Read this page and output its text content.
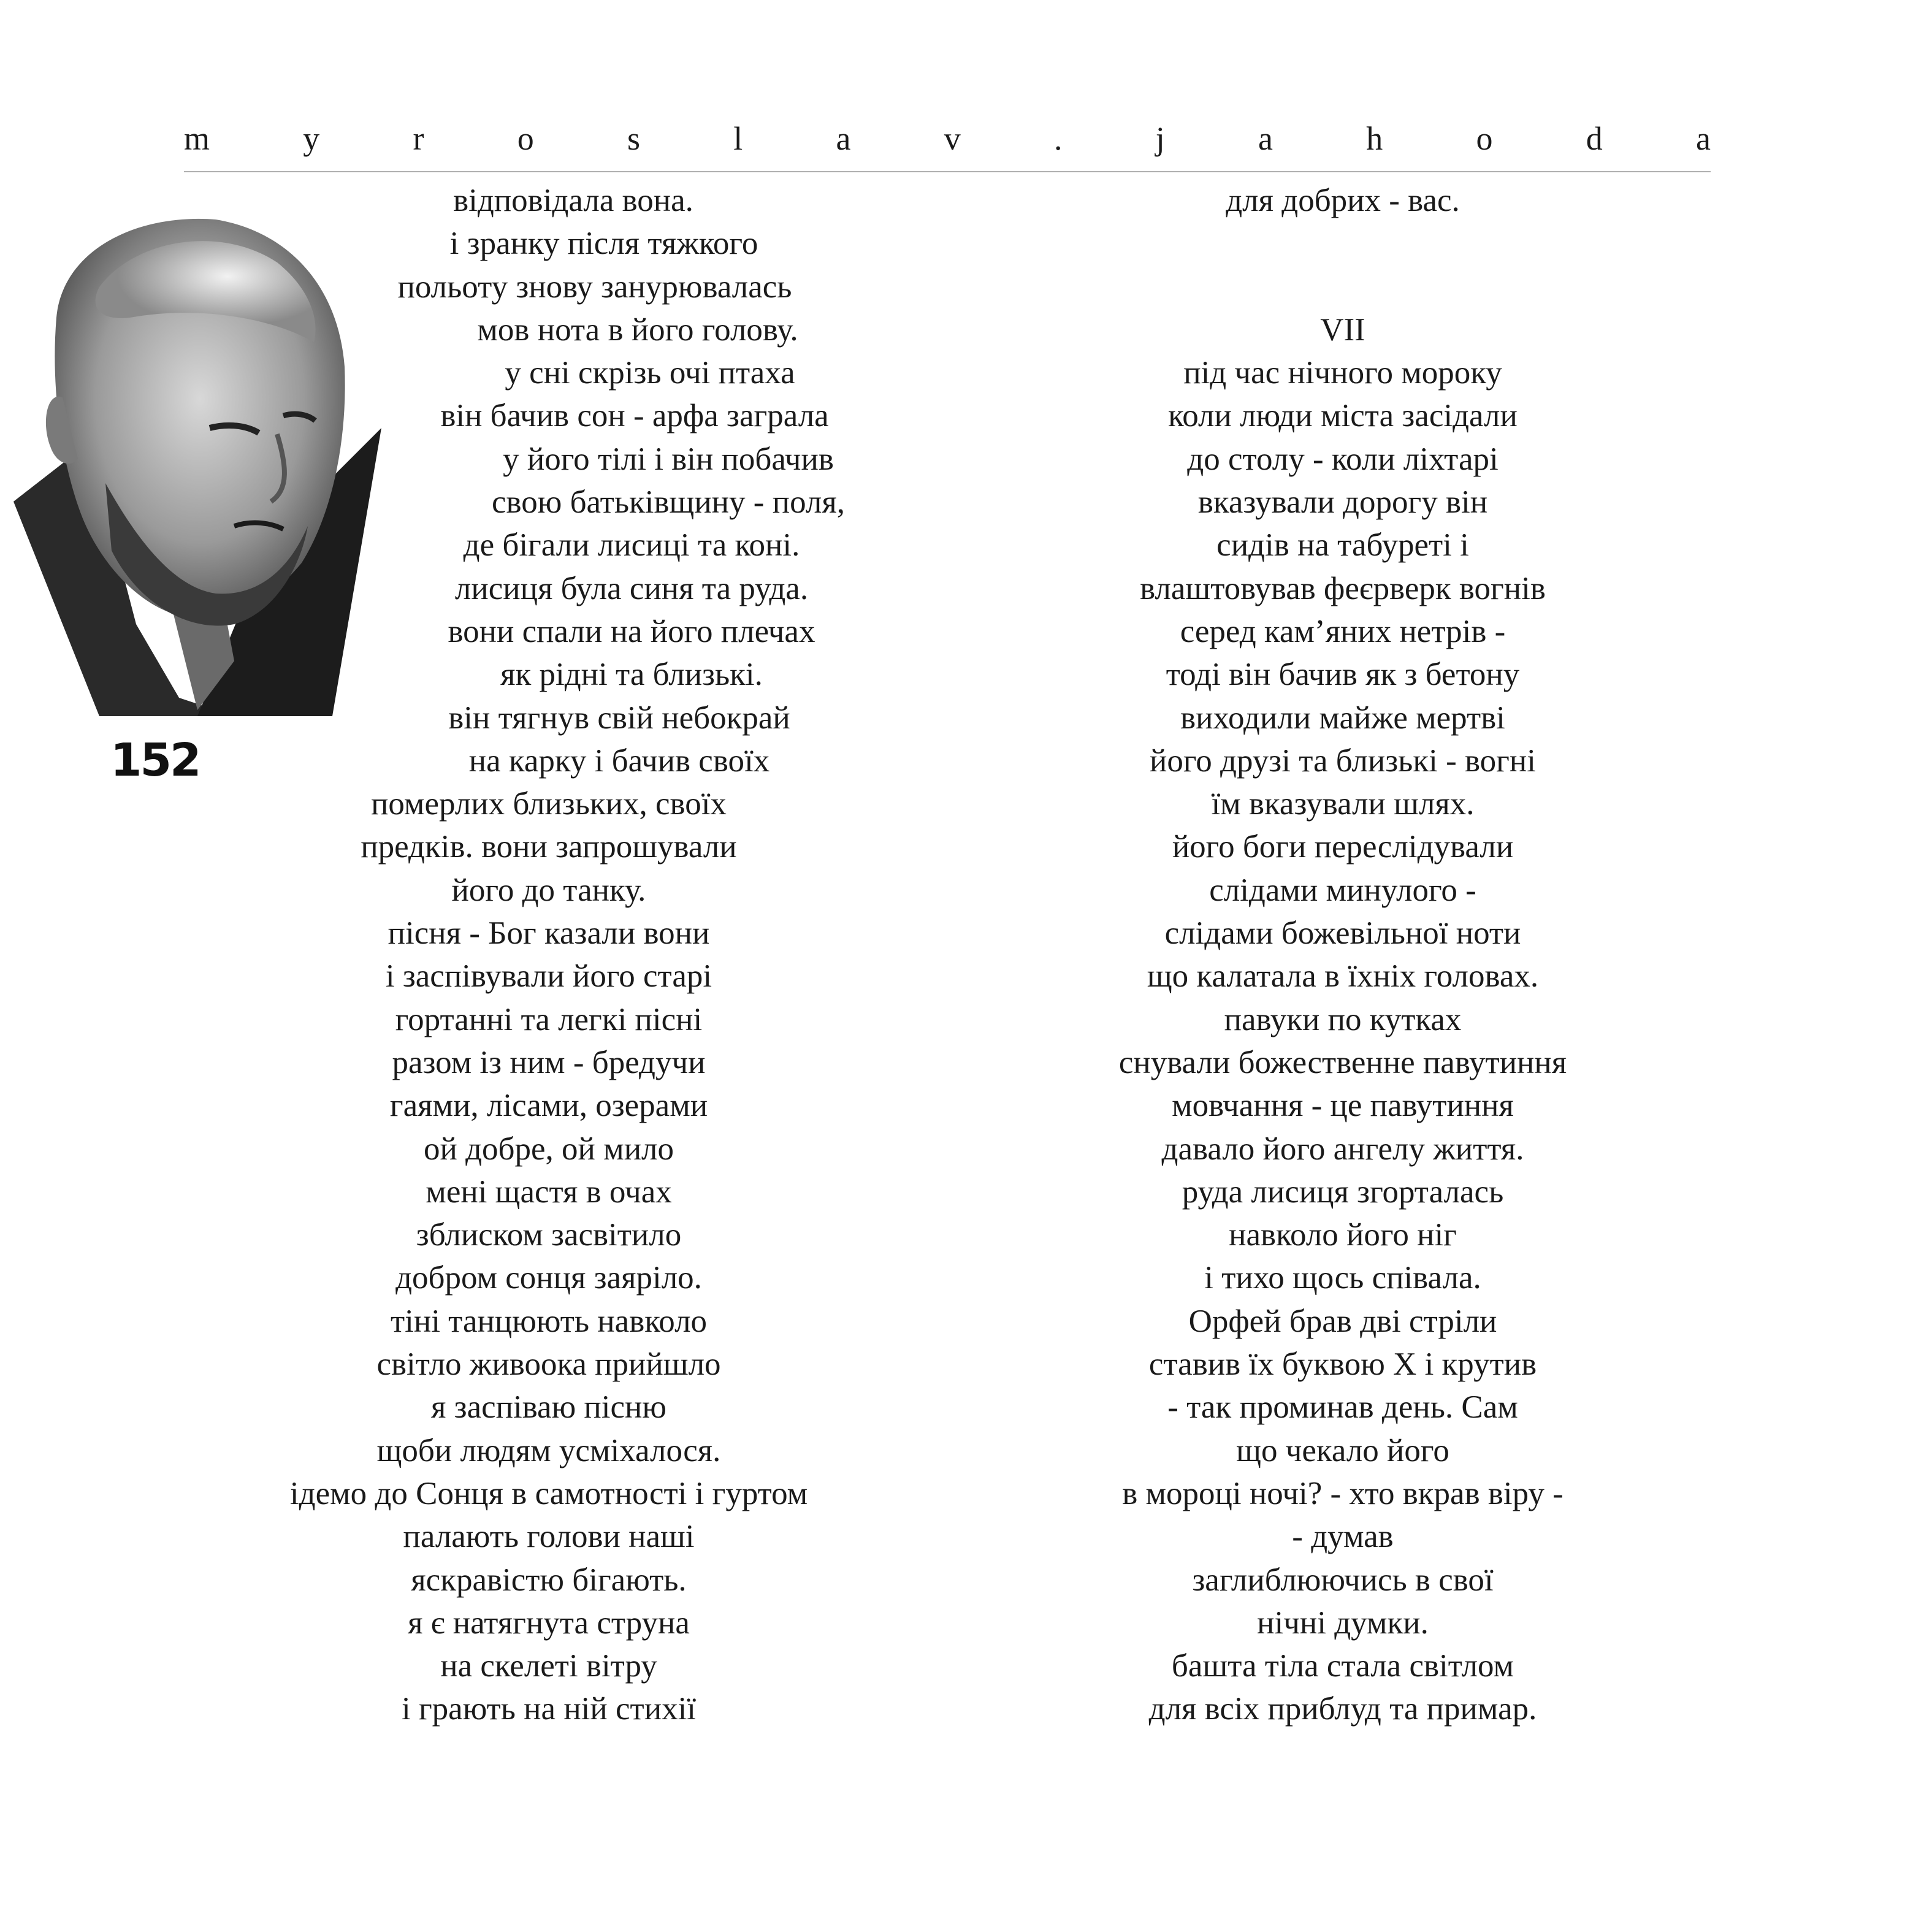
m	y	r	o	s	l	a	v	.	j	a	h	o	d	a
152
відповідала вона.
і зранку після тяжкого
польоту знову занурювалась
мов нота в його голову.
у сні скрізь очі птаха
він бачив сон - арфа заграла
у його тілі і він побачив
свою батьківщину - поля,
де бігали лисиці та коні.
лисиця була синя та руда.
вони спали на його плечах
як рідні та близькі.
він тягнув свій небокрай
на карку і бачив своїх
померлих близьких, своїх
предків. вони запрошували
його до танку.
пісня - Бог казали вони
і заспівували його старі
гортанні та легкі пісні
разом із ним - бредучи
гаями, лісами, озерами
ой добре, ой мило
мені щастя в очах
зблиском засвітило
добром сонця заяріло.
тіні танцюють навколо
світло живоока прийшло
я заспіваю пісню
щоби людям усміхалося.
ідемо до Сонця в самотності і гуртом
палають голови наші
яскравістю бігають.
я є натягнута струна
на скелеті вітру
і грають на ній стихії
для добрих - вас.
VII
під час нічного мороку
коли люди міста засідали
до столу - коли ліхтарі
вказували дорогу він
сидів на табуреті і
влаштовував феєрверк вогнів
серед кам’яних нетрів -
тоді він бачив як з бетону
виходили майже мертві
його друзі та близькі - вогні
їм вказували шлях.
його боги переслідували
слідами минулого -
слідами божевільної ноти
що калатала в їхніх головах.
павуки по кутках
снували божественне павутиння
мовчання - це павутиння
давало його ангелу життя.
руда лисиця згорталась
навколо його ніг
і тихо щось співала.
Орфей брав дві стріли
ставив їх буквою Х і крутив
- так проминав день. Сам
що чекало його
в мороці ночі? - хто вкрав віру -
- думав
заглиблюючись в свої
нічні думки.
башта тіла стала світлом
для всіх приблуд та примар.
